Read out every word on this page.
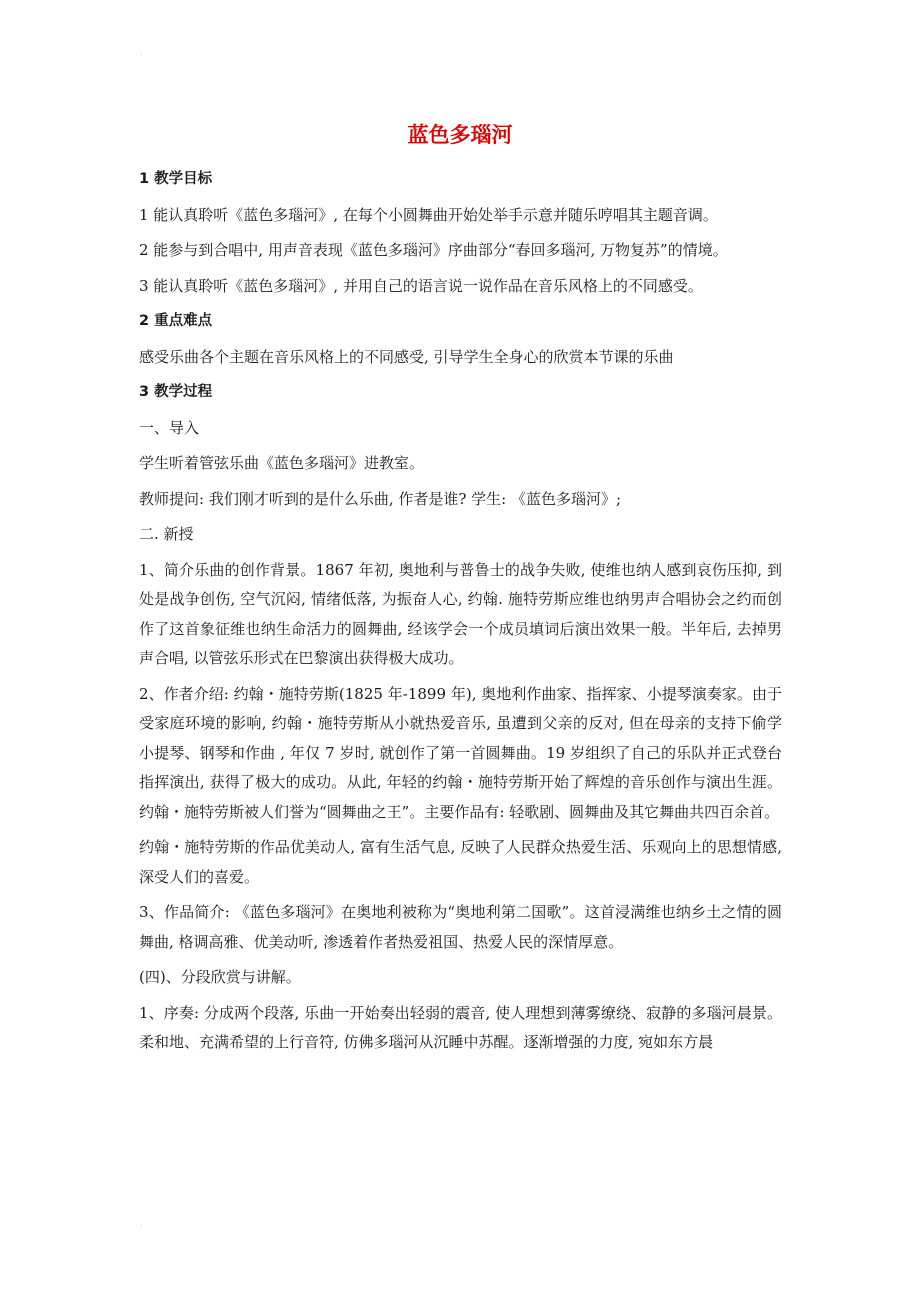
·
·
蓝色多瑙河

1 教学目标

1 能认真聆听《蓝色多瑙河》, 在每个小圆舞曲开始处举手示意并随乐哼唱其主题音调。

2 能参与到合唱中, 用声音表现《蓝色多瑙河》序曲部分“春回多瑙河, 万物复苏”的情境。

3 能认真聆听《蓝色多瑙河》, 并用自己的语言说一说作品在音乐风格上的不同感受。

2 重点难点

感受乐曲各个主题在音乐风格上的不同感受, 引导学生全身心的欣赏本节课的乐曲

3 教学过程

一、导入

学生听着管弦乐曲《蓝色多瑙河》进教室。

教师提问: 我们刚才听到的是什么乐曲, 作者是谁? 学生: 《蓝色多瑙河》;

二. 新授

1、简介乐曲的创作背景。1867 年初, 奥地利与普鲁士的战争失败, 使维也纳人感到哀伤压抑, 到处是战争创伤, 空气沉闷, 情绪低落, 为振奋人心, 约翰. 施特劳斯应维也纳男声合唱协会之约而创作了这首象征维也纳生命活力的圆舞曲, 经该学会一个成员填词后演出效果一般。半年后, 去掉男声合唱, 以管弦乐形式在巴黎演出获得极大成功。

2、作者介绍: 约翰・施特劳斯(1825 年-1899 年), 奥地利作曲家、指挥家、小提琴演奏家。由于受家庭环境的影响, 约翰・施特劳斯从小就热爱音乐, 虽遭到父亲的反对, 但在母亲的支持下偷学小提琴、钢琴和作曲 , 年仅 7 岁时, 就创作了第一首圆舞曲。19 岁组织了自己的乐队并正式登台指挥演出, 获得了极大的成功。从此, 年轻的约翰・施特劳斯开始了辉煌的音乐创作与演出生涯。约翰・施特劳斯被人们誉为“圆舞曲之王”。主要作品有: 轻歌剧、圆舞曲及其它舞曲共四百余首。

约翰・施特劳斯的作品优美动人, 富有生活气息, 反映了人民群众热爱生活、乐观向上的思想情感, 深受人们的喜爱。

3、作品简介: 《蓝色多瑙河》在奥地利被称为“奥地利第二国歌”。这首浸满维也纳乡土之情的圆舞曲, 格调高雅、优美动听, 渗透着作者热爱祖国、热爱人民的深情厚意。

(四)、分段欣赏与讲解。

1、序奏: 分成两个段落, 乐曲一开始奏出轻弱的震音, 使人理想到薄雾缭绕、寂静的多瑙河晨景。柔和地、充满希望的上行音符, 仿佛多瑙河从沉睡中苏醒。逐渐增强的力度, 宛如东方晨
